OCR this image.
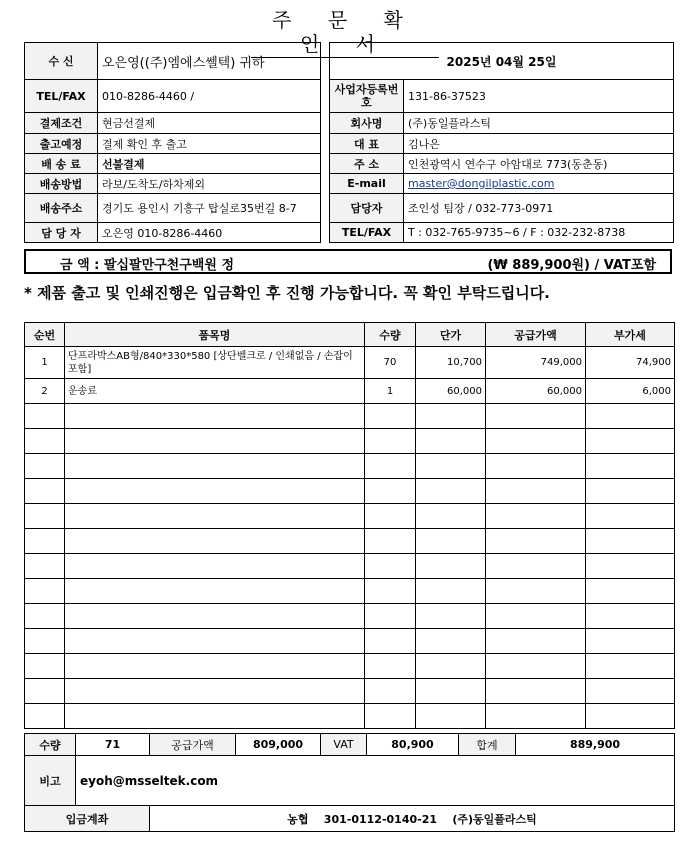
주 문 확 인 서
수 신	오은영((주)엠에스쎌텍) 귀하
TEL/FAX	010-8286-4460 /
결제조건	현금선결제
출고예정	결제 확인 후 출고
배 송 료	선불결제
배송방법	라보/도착도/하차제외
배송주소	경기도 용인시 기흥구 탑실로35번길 8-7
담 당 자	오은영 010-8286-4460
2025년 04월 25일	
사업자등록번호	131-86-37523
회사명	(주)동일플라스틱
대 표	김나은
주 소	인천광역시 연수구 아암대로 773(동춘동)
E-mail	master@dongilplastic.com
담당자	조인성 팀장 / 032-773-0971
TEL/FAX	T : 032-765-9735~6 / F : 032-232-8738
금 액 : 팔십팔만구천구백원 정	(₩ 889,900원) / VAT포함
* 제품 출고 및 인쇄진행은 입금확인 후 진행 가능합니다. 꼭 확인 부탁드립니다.
순번	품목명	수량	단가	공급가액	부가세
1	단프라박스AB형/840*330*580 [상단벨크로 / 인쇄없음 / 손잡이 포함]	70	10,700	749,000	74,900
2	운송료	1	60,000	60,000	6,000

수량	71	공급가액	809,000	VAT	80,900	합계	889,900
비고	eyoh@msseltek.com						
입금계좌		농협    301-0112-0140-21    (주)동일플라스틱					
